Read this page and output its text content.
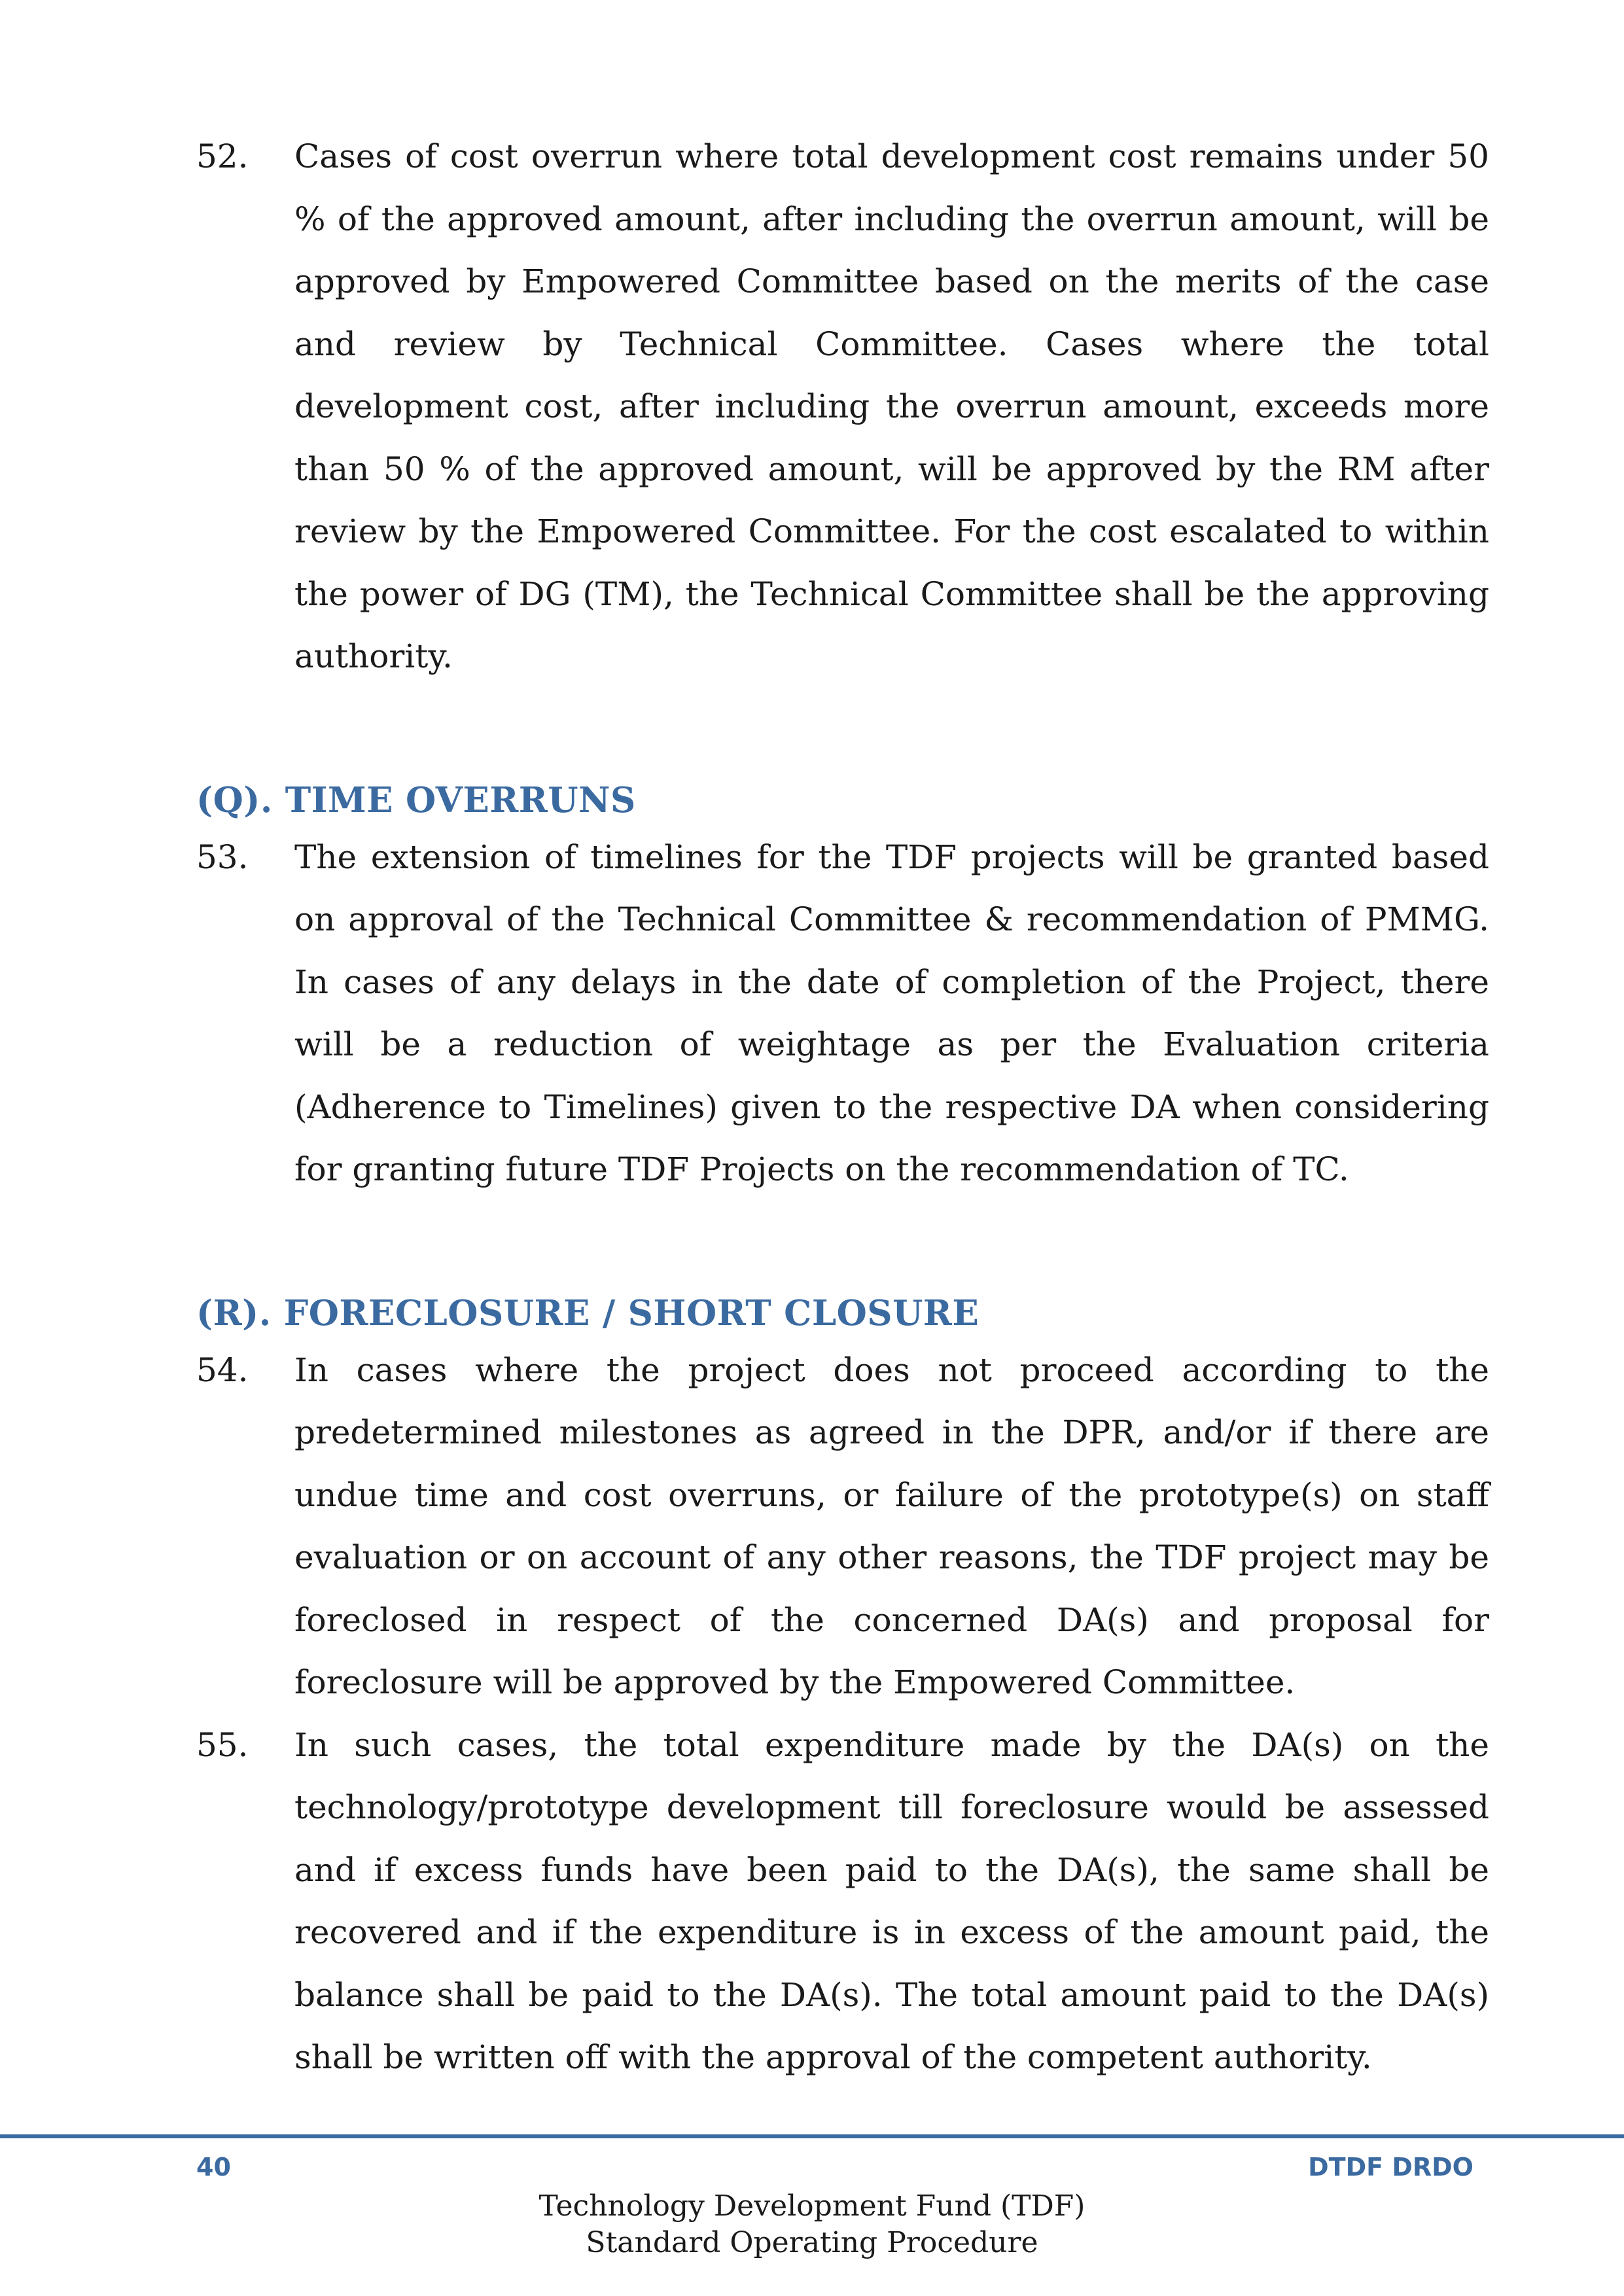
52.	Cases of cost overrun where total development cost remains under 50 % of the approved amount, after including the overrun amount, will be approved by Empowered Committee based on the merits of the case and review by Technical Committee. Cases where the total development cost, after including the overrun amount, exceeds more than 50 % of the approved amount, will be approved by the RM after review by the Empowered Committee. For the cost escalated to within the power of DG (TM), the Technical Committee shall be the approving authority.
(Q). TIME OVERRUNS
53.	The extension of timelines for the TDF projects will be granted based on approval of the Technical Committee & recommendation of PMMG. In cases of any delays in the date of completion of the Project, there will be a reduction of weightage as per the Evaluation criteria (Adherence to Timelines) given to the respective DA when considering for granting future TDF Projects on the recommendation of TC.
(R). FORECLOSURE / SHORT CLOSURE
54.	In cases where the project does not proceed according to the predetermined milestones as agreed in the DPR, and/or if there are undue time and cost overruns, or failure of the prototype(s) on staff evaluation or on account of any other reasons, the TDF project may be foreclosed in respect of the concerned DA(s) and proposal for foreclosure will be approved by the Empowered Committee.
55.	In such cases, the total expenditure made by the DA(s) on the technology/prototype development till foreclosure would be assessed and if excess funds have been paid to the DA(s), the same shall be recovered and if the expenditure is in excess of the amount paid, the balance shall be paid to the DA(s). The total amount paid to the DA(s) shall be written off with the approval of the competent authority.
40	DTDF DRDO
Technology Development Fund (TDF)
Standard Operating Procedure
